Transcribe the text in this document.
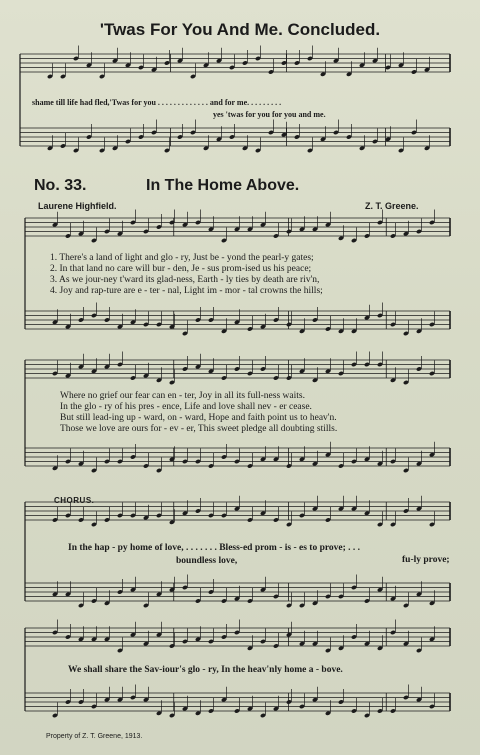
'Twas For You And Me. Concluded.
shame till life had fled,'Twas for you . . . . . . . . . . . . . and for me. . . . . . . . .
yes 'twas for you for you and me.
No. 33.	In The Home Above.
Laurene Highfield.	Z. T. Greene.
1. There's a land of light and glo - ry, Just be - yond the pearl-y gates;
2. In that land no care will bur - den, Je - sus prom-ised us his peace;
3. As we jour-ney t'ward its glad-ness, Earth - ly ties by death are riv'n,
4. Joy and rap-ture are e - ter - nal, Light im - mor - tal crowns the hills;
Where no grief our fear can en - ter, Joy in all its full-ness waits.
In the glo - ry of his pres - ence, Life and love shall nev - er cease.
But still lead-ing up - ward, on - ward, Hope and faith point us to heav'n.
Those we love are ours for - ev - er, This sweet pledge all doubting stills.
CHORUS.
In the hap - py home of love, . . . . . . . Bless-ed prom - is - es to prove; . . .
fu-ly prove;
boundless love,
We shall share the Sav-iour's glo - ry, In the heav'nly home a - bove.
Property of Z. T. Greene, 1913.
